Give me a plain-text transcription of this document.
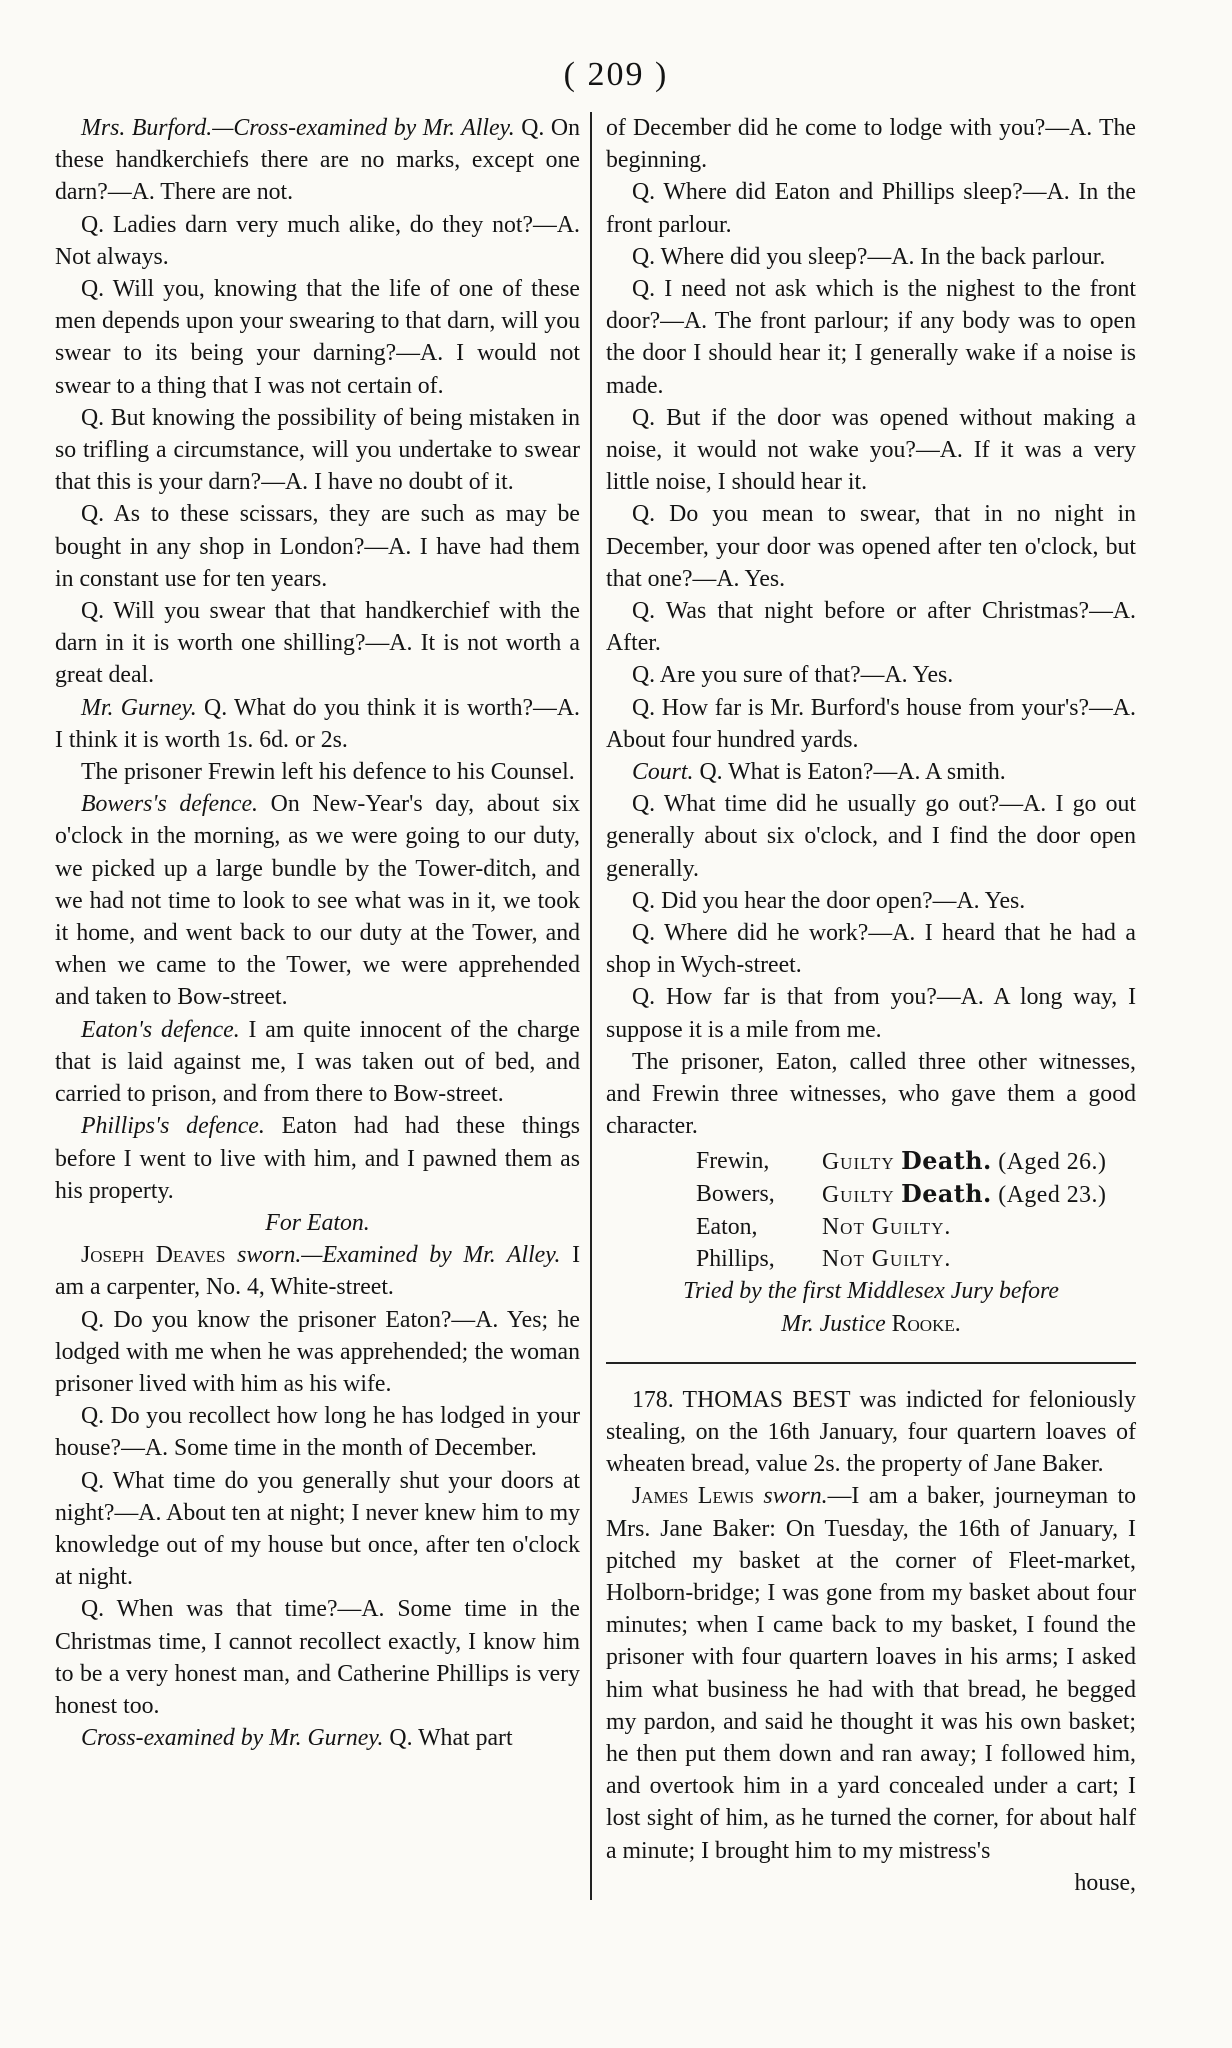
( 209 )

Mrs. Burford.—Cross-examined by Mr. Alley. Q. On these handkerchiefs there are no marks, except one darn?—A. There are not.

Q. Ladies darn very much alike, do they not?—A. Not always.

Q. Will you, knowing that the life of one of these men depends upon your swearing to that darn, will you swear to its being your darning?—A. I would not swear to a thing that I was not certain of.

Q. But knowing the possibility of being mistaken in so trifling a circumstance, will you undertake to swear that this is your darn?—A. I have no doubt of it.

Q. As to these scissars, they are such as may be bought in any shop in London?—A. I have had them in constant use for ten years.

Q. Will you swear that that handkerchief with the darn in it is worth one shilling?—A. It is not worth a great deal.

Mr. Gurney. Q. What do you think it is worth?—A. I think it is worth 1s. 6d. or 2s.

The prisoner Frewin left his defence to his Counsel.

Bowers's defence. On New-Year's day, about six o'clock in the morning, as we were going to our duty, we picked up a large bundle by the Tower-ditch, and we had not time to look to see what was in it, we took it home, and went back to our duty at the Tower, and when we came to the Tower, we were apprehended and taken to Bow-street.

Eaton's defence. I am quite innocent of the charge that is laid against me, I was taken out of bed, and carried to prison, and from there to Bow-street.

Phillips's defence. Eaton had had these things before I went to live with him, and I pawned them as his property.

For Eaton.

Joseph Deaves sworn.—Examined by Mr. Alley. I am a carpenter, No. 4, White-street.

Q. Do you know the prisoner Eaton?—A. Yes; he lodged with me when he was apprehended; the woman prisoner lived with him as his wife.

Q. Do you recollect how long he has lodged in your house?—A. Some time in the month of December.

Q. What time do you generally shut your doors at night?—A. About ten at night; I never knew him to my knowledge out of my house but once, after ten o'clock at night.

Q. When was that time?—A. Some time in the Christmas time, I cannot recollect exactly, I know him to be a very honest man, and Catherine Phillips is very honest too.

Cross-examined by Mr. Gurney. Q. What part

of December did he come to lodge with you?—A. The beginning.

Q. Where did Eaton and Phillips sleep?—A. In the front parlour.

Q. Where did you sleep?—A. In the back parlour.

Q. I need not ask which is the nighest to the front door?—A. The front parlour; if any body was to open the door I should hear it; I generally wake if a noise is made.

Q. But if the door was opened without making a noise, it would not wake you?—A. If it was a very little noise, I should hear it.

Q. Do you mean to swear, that in no night in December, your door was opened after ten o'clock, but that one?—A. Yes.

Q. Was that night before or after Christmas?—A. After.

Q. Are you sure of that?—A. Yes.

Q. How far is Mr. Burford's house from your's?—A. About four hundred yards.

Court. Q. What is Eaton?—A. A smith.

Q. What time did he usually go out?—A. I go out generally about six o'clock, and I find the door open generally.

Q. Did you hear the door open?—A. Yes.

Q. Where did he work?—A. I heard that he had a shop in Wych-street.

Q. How far is that from you?—A. A long way, I suppose it is a mile from me.

The prisoner, Eaton, called three other witnesses, and Frewin three witnesses, who gave them a good character.

Frewin,	Guilty Death. (Aged 26.)
Bowers,	Guilty Death. (Aged 23.)
Eaton,	Not Guilty.
Phillips,	Not Guilty.
Tried by the first Middlesex Jury before
Mr. Justice Rooke.

178. THOMAS BEST was indicted for feloniously stealing, on the 16th January, four quartern loaves of wheaten bread, value 2s. the property of Jane Baker.

James Lewis sworn.—I am a baker, journeyman to Mrs. Jane Baker: On Tuesday, the 16th of January, I pitched my basket at the corner of Fleet-market, Holborn-bridge; I was gone from my basket about four minutes; when I came back to my basket, I found the prisoner with four quartern loaves in his arms; I asked him what business he had with that bread, he begged my pardon, and said he thought it was his own basket; he then put them down and ran away; I followed him, and overtook him in a yard concealed under a cart; I lost sight of him, as he turned the corner, for about half a minute; I brought him to my mistress's

house,
